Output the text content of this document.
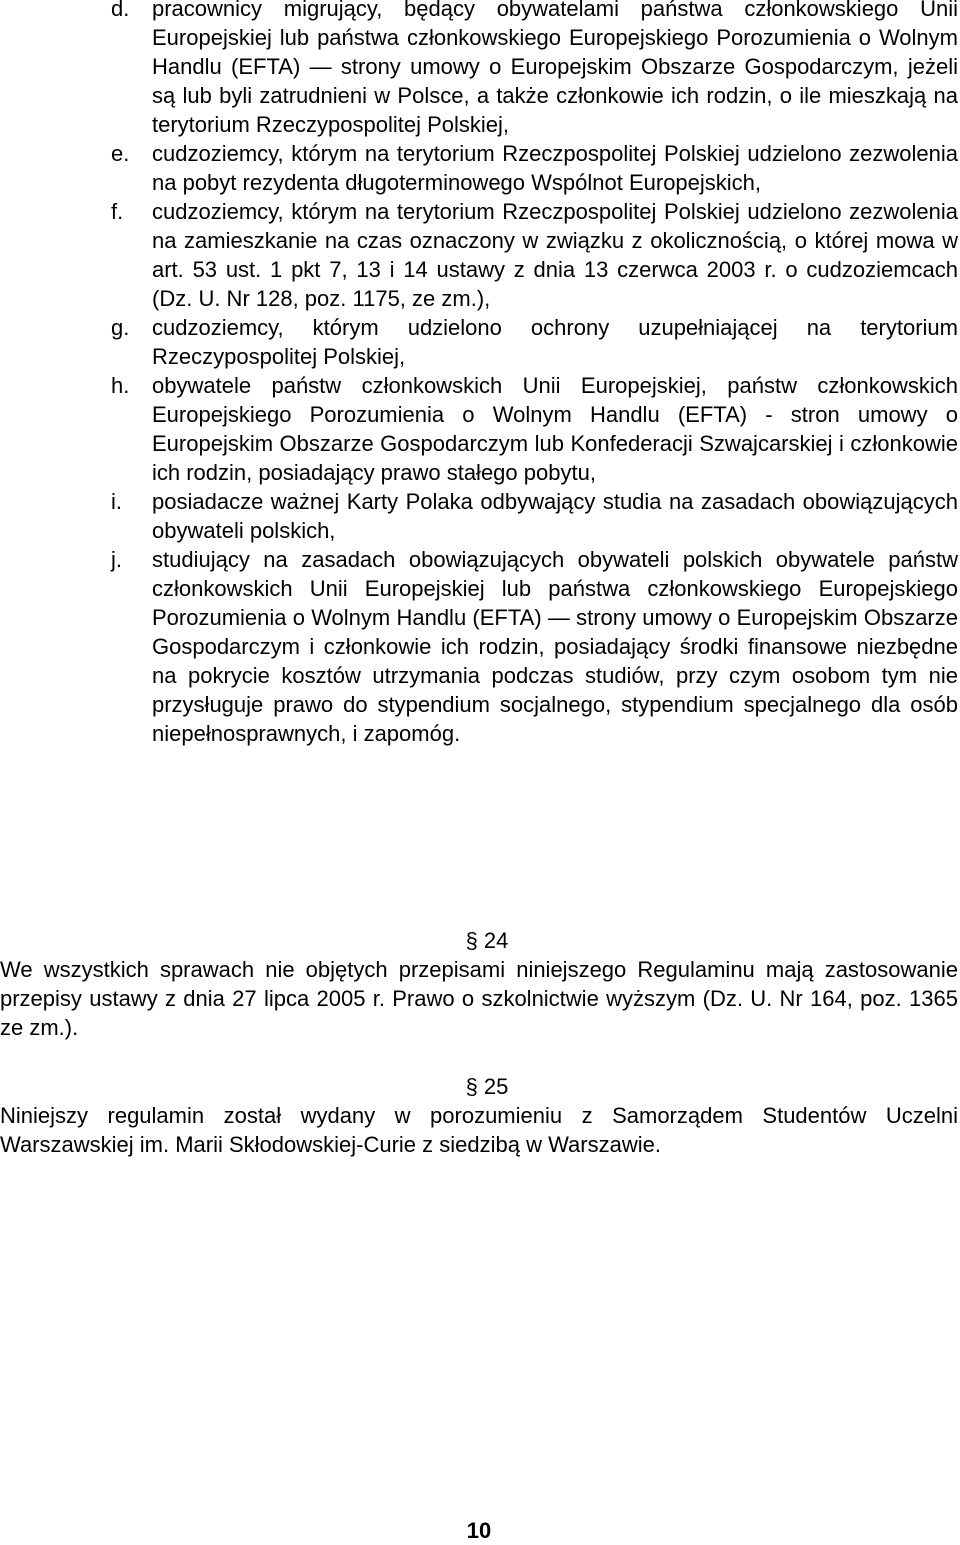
d. pracownicy migrujący, będący obywatelami państwa członkowskiego Unii Europejskiej lub państwa członkowskiego Europejskiego Porozumienia o Wolnym Handlu (EFTA) — strony umowy o Europejskim Obszarze Gospodarczym, jeżeli są lub byli zatrudnieni w Polsce, a także członkowie ich rodzin, o ile mieszkają na terytorium Rzeczypospolitej Polskiej,
e. cudzoziemcy, którym na terytorium Rzeczpospolitej Polskiej udzielono zezwolenia na pobyt rezydenta długoterminowego Wspólnot Europejskich,
f. cudzoziemcy, którym na terytorium Rzeczpospolitej Polskiej udzielono zezwolenia na zamieszkanie na czas oznaczony w związku z okolicznością, o której mowa w art. 53 ust. 1 pkt 7, 13 i 14 ustawy z dnia 13 czerwca 2003 r. o cudzoziemcach (Dz. U. Nr 128, poz. 1175, ze zm.),
g. cudzoziemcy, którym udzielono ochrony uzupełniającej na terytorium Rzeczypospolitej Polskiej,
h. obywatele państw członkowskich Unii Europejskiej, państw członkowskich Europejskiego Porozumienia o Wolnym Handlu (EFTA) - stron umowy o Europejskim Obszarze Gospodarczym lub Konfederacji Szwajcarskiej i członkowie ich rodzin, posiadający prawo stałego pobytu,
i. posiadacze ważnej Karty Polaka odbywający studia na zasadach obowiązujących obywateli polskich,
j. studiujący na zasadach obowiązujących obywateli polskich obywatele państw członkowskich Unii Europejskiej lub państwa członkowskiego Europejskiego Porozumienia o Wolnym Handlu (EFTA) — strony umowy o Europejskim Obszarze Gospodarczym i członkowie ich rodzin, posiadający środki finansowe niezbędne na pokrycie kosztów utrzymania podczas studiów, przy czym osobom tym nie przysługuje prawo do stypendium socjalnego, stypendium specjalnego dla osób niepełnosprawnych, i zapomóg.

§ 24

We wszystkich sprawach nie objętych przepisami niniejszego Regulaminu mają zastosowanie przepisy ustawy z dnia 27 lipca 2005 r. Prawo o szkolnictwie wyższym (Dz. U. Nr 164, poz. 1365 ze zm.).

§ 25

Niniejszy regulamin został wydany w porozumieniu z Samorządem Studentów Uczelni Warszawskiej im. Marii Skłodowskiej-Curie z siedzibą w Warszawie.

10
